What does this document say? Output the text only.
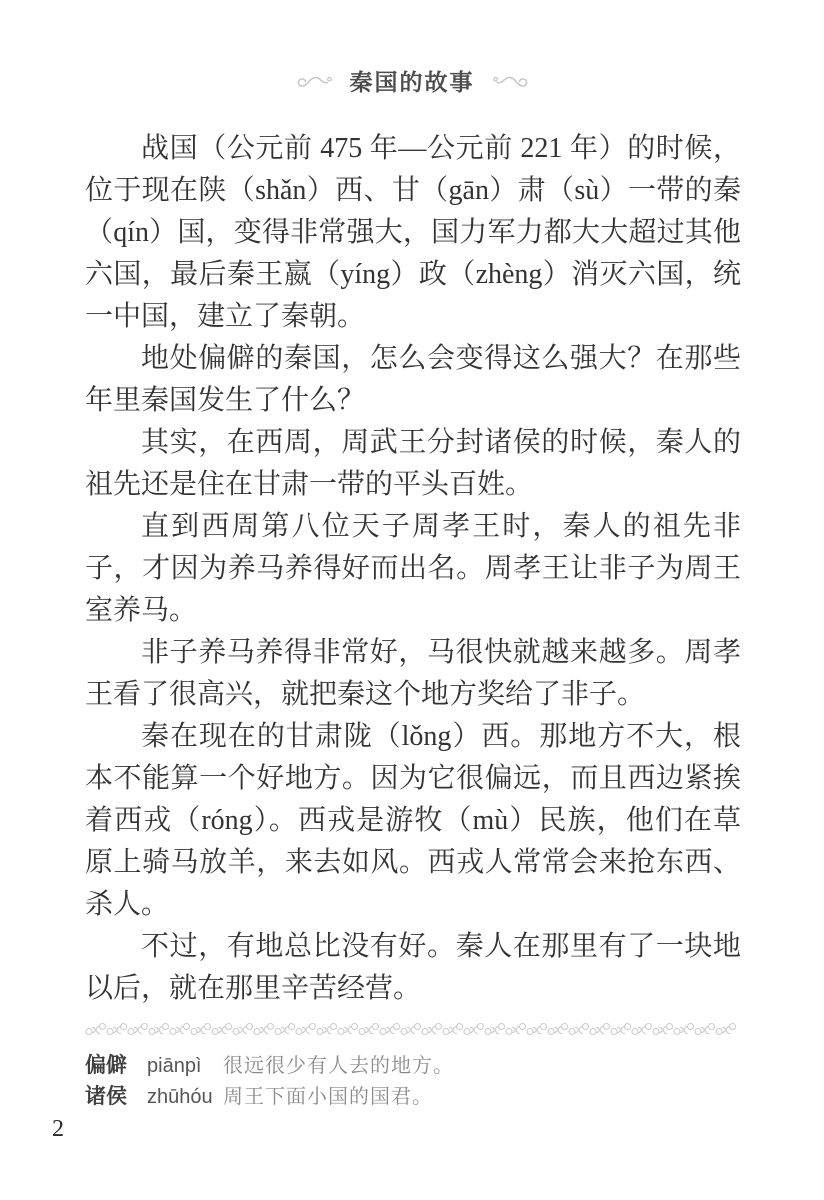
秦国的故事

战国（公元前 475 年—公元前 221 年）的时候，位于现在陕（shǎn）西、甘（gān）肃（sù）一带的秦（qín）国，变得非常强大，国力军力都大大超过其他六国，最后秦王嬴（yíng）政（zhèng）消灭六国，统一中国，建立了秦朝。

地处偏僻的秦国，怎么会变得这么强大？在那些年里秦国发生了什么？

其实，在西周，周武王分封诸侯的时候，秦人的祖先还是住在甘肃一带的平头百姓。

直到西周第八位天子周孝王时，秦人的祖先非子，才因为养马养得好而出名。周孝王让非子为周王室养马。

非子养马养得非常好，马很快就越来越多。周孝王看了很高兴，就把秦这个地方奖给了非子。

秦在现在的甘肃陇（lǒng）西。那地方不大，根本不能算一个好地方。因为它很偏远，而且西边紧挨着西戎（róng）。西戎是游牧（mù）民族，他们在草原上骑马放羊，来去如风。西戎人常常会来抢东西、杀人。

不过，有地总比没有好。秦人在那里有了一块地以后，就在那里辛苦经营。

偏僻	piānpì	很远很少有人去的地方。
诸侯	zhūhóu 周王下面小国的国君。
2
